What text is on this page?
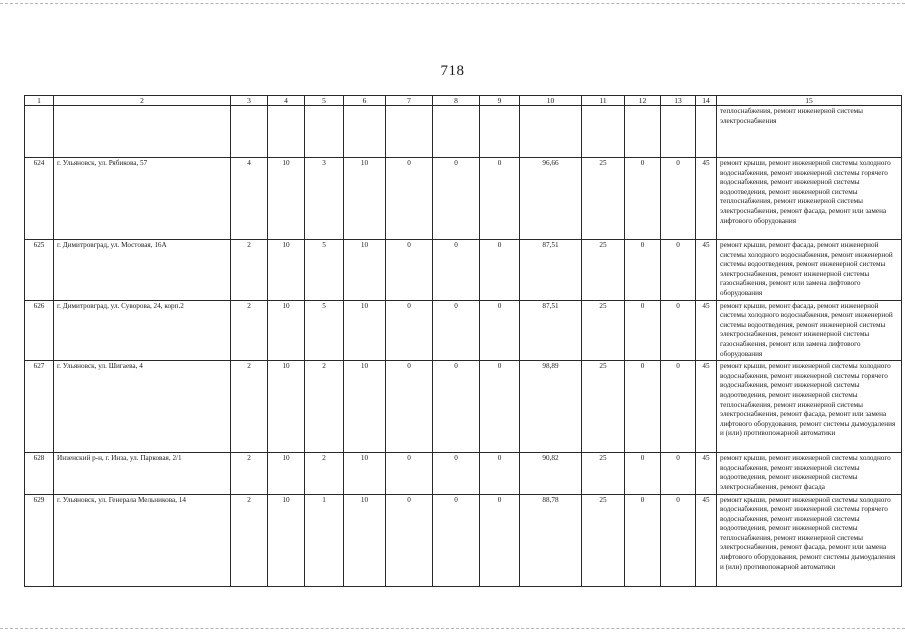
718
1	2	3	4	5	6	7	8	9	10	11	12	13	14	15
														теплоснабжения, ремонт инженерной системы электроснабжения
624	г. Ульяновск, ул. Рябикова, 57	4	10	3	10	0	0	0	96,66	25	0	0	45	ремонт крыши, ремонт инженерной системы холодного водоснабжения, ремонт инженерной системы горячего водоснабжения, ремонт инженерной системы водоотведения, ремонт инженерной системы теплоснабжения, ремонт инженерной системы электроснабжения, ремонт фасада, ремонт или замена лифтового оборудования
625	г. Димитровград, ул. Мостовая, 16А	2	10	5	10	0	0	0	87,51	25	0	0	45	ремонт крыши, ремонт фасада, ремонт инженерной системы холодного водоснабжения, ремонт инженерной системы водоотведения, ремонт инженерной системы электроснабжения, ремонт инженерной системы газоснабжения, ремонт или замена лифтового оборудования
626	г. Димитровград, ул. Суворова, 24, корп.2	2	10	5	10	0	0	0	87,51	25	0	0	45	ремонт крыши, ремонт фасада, ремонт инженерной системы холодного водоснабжения, ремонт инженерной системы водоотведения, ремонт инженерной системы электроснабжения, ремонт инженерной системы газоснабжения, ремонт или замена лифтового оборудования
627	г. Ульяновск, ул. Шигаева, 4	2	10	2	10	0	0	0	98,89	25	0	0	45	ремонт крыши, ремонт инженерной системы холодного водоснабжения, ремонт инженерной системы горячего водоснабжения, ремонт инженерной системы водоотведения, ремонт инженерной системы теплоснабжения, ремонт инженерной системы электроснабжения, ремонт фасада, ремонт или замена лифтового оборудования, ремонт системы дымоудаления и (или) противопожарной автоматики
628	Инзенский р-н, г. Инза, ул. Парковая, 2/1	2	10	2	10	0	0	0	90,82	25	0	0	45	ремонт крыши, ремонт инженерной системы холодного водоснабжения, ремонт инженерной системы водоотведения, ремонт инженерной системы электроснабжения, ремонт фасада
629	г. Ульяновск, ул. Генерала Мельникова, 14	2	10	1	10	0	0	0	88,78	25	0	0	45	ремонт крыши, ремонт инженерной системы холодного водоснабжения, ремонт инженерной системы горячего водоснабжения, ремонт инженерной системы водоотведения, ремонт инженерной системы теплоснабжения, ремонт инженерной системы электроснабжения, ремонт фасада, ремонт или замена лифтового оборудования, ремонт системы дымоудаления и (или) противопожарной автоматики
